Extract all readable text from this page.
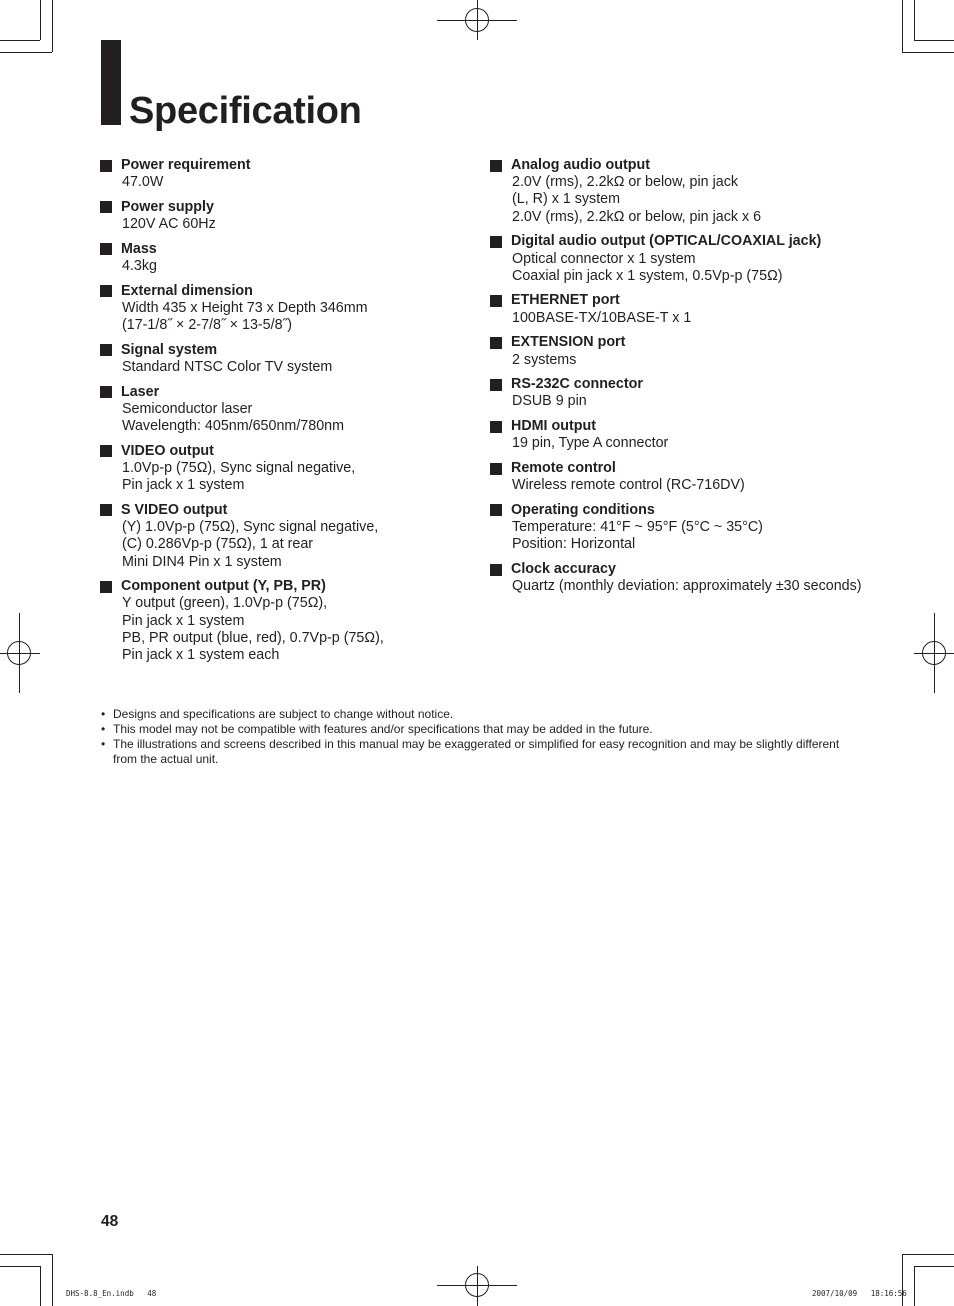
Specification
Power requirement
47.0W
Power supply
120V AC 60Hz
Mass
4.3kg
External dimension
Width 435 x Height 73 x Depth 346mm
(17-1/8˝ × 2-7/8˝ × 13-5/8˝)
Signal system
Standard NTSC Color TV system
Laser
Semiconductor laser
Wavelength: 405nm/650nm/780nm
VIDEO output
1.0Vp-p (75Ω), Sync signal negative,
Pin jack x 1 system
S VIDEO output
(Y) 1.0Vp-p (75Ω), Sync signal negative,
(C) 0.286Vp-p (75Ω), 1 at rear
Mini DIN4 Pin x 1 system
Component output (Y, PB, PR)
Y output (green), 1.0Vp-p (75Ω),
Pin jack x 1 system
PB, PR output (blue, red), 0.7Vp-p (75Ω),
Pin jack x 1 system each
Analog audio output
2.0V (rms), 2.2kΩ or below, pin jack
(L, R) x 1 system
2.0V (rms), 2.2kΩ or below, pin jack x 6
Digital audio output (OPTICAL/COAXIAL jack)
Optical connector x 1 system
Coaxial pin jack x 1 system, 0.5Vp-p (75Ω)
ETHERNET port
100BASE-TX/10BASE-T x 1
EXTENSION port
2 systems
RS-232C connector
DSUB 9 pin
HDMI output
19 pin, Type A connector
Remote control
Wireless remote control (RC-716DV)
Operating conditions
Temperature: 41°F ~ 95°F (5°C ~ 35°C)
Position: Horizontal
Clock accuracy
Quartz (monthly deviation: approximately ±30 seconds)
• Designs and specifications are subject to change without notice.
• This model may not be compatible with features and/or specifications that may be added in the future.
• The illustrations and screens described in this manual may be exaggerated or simplified for easy recognition and may be slightly different from the actual unit.
48
DHS-8.8_En.indb   48	2007/10/09   18:16:56
